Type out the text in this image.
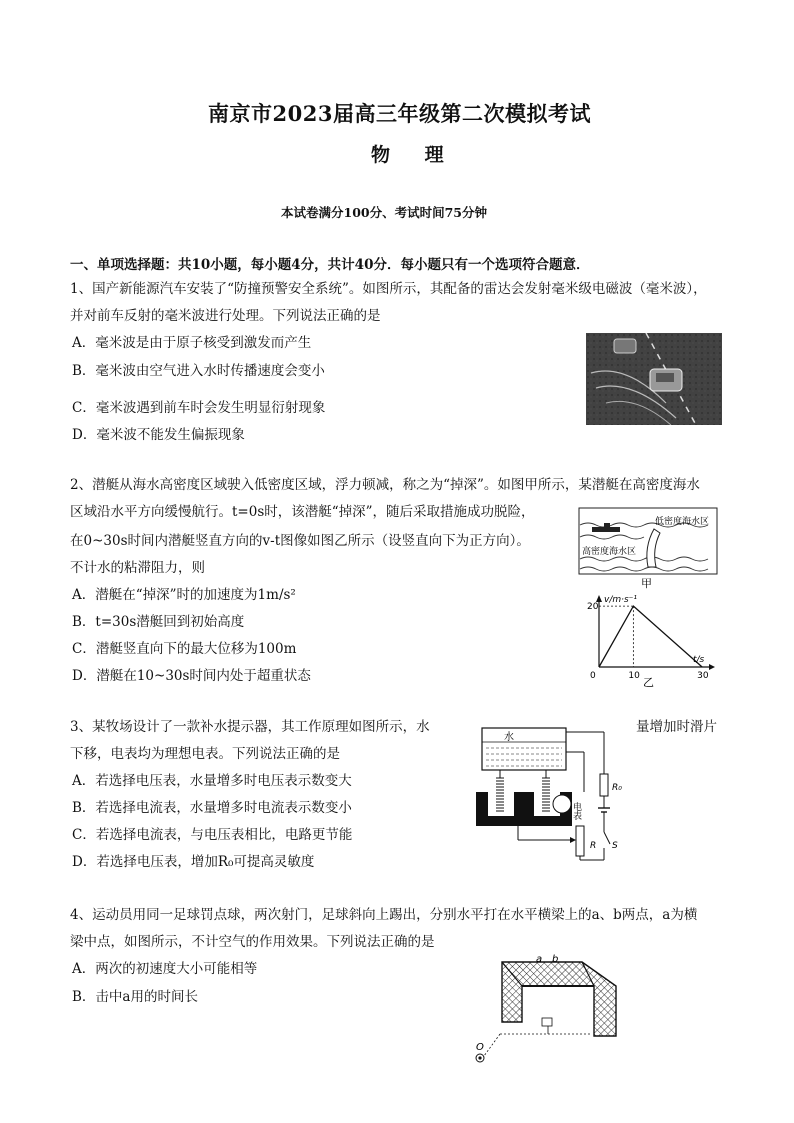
南京市2023届高三年级第二次模拟考试
物 理
本试卷满分100分、考试时间75分钟
一、单项选择题：共10小题，每小题4分，共计40分．每小题只有一个选项符合题意．
1、国产新能源汽车安装了“防撞预警安全系统”。如图所示，其配备的雷达会发射毫米级电磁波（毫米波），
并对前车反射的毫米波进行处理。下列说法正确的是
A．毫米波是由于原子核受到激发而产生
B．毫米波由空气进入水时传播速度会变小
C．毫米波遇到前车时会发生明显衍射现象
D．毫米波不能发生偏振现象
2、潜艇从海水高密度区域驶入低密度区域，浮力顿减，称之为“掉深”。如图甲所示，某潜艇在高密度海水
区域沿水平方向缓慢航行。t=0s时，该潜艇“掉深”，随后采取措施成功脱险，
在0~30s时间内潜艇竖直方向的v-t图像如图乙所示（设竖直向下为正方向）。
不计水的粘滞阻力，则
A．潜艇在“掉深”时的加速度为1m/s²
B．t=30s潜艇回到初始高度
C．潜艇竖直向下的最大位移为100m
D．潜艇在10~30s时间内处于超重状态
低密度海水区
高密度海水区
甲
0	10	30
20
v/m·s⁻¹
t/s
乙
3、某牧场设计了一款补水提示器，其工作原理如图所示，水	量增加时滑片
下移，电表均为理想电表。下列说法正确的是
A．若选择电压表，水量增多时电压表示数变大
B．若选择电流表，水量增多时电流表示数变小
C．若选择电流表，与电压表相比，电路更节能
D．若选择电压表，增加R₀可提高灵敏度
水
R₀
S
电表
R
4、运动员用同一足球罚点球，两次射门，足球斜向上踢出，分别水平打在水平横梁上的a、b两点，a为横
梁中点，如图所示，不计空气的作用效果。下列说法正确的是
A．两次的初速度大小可能相等
B．击中a用的时间长
a b
O
